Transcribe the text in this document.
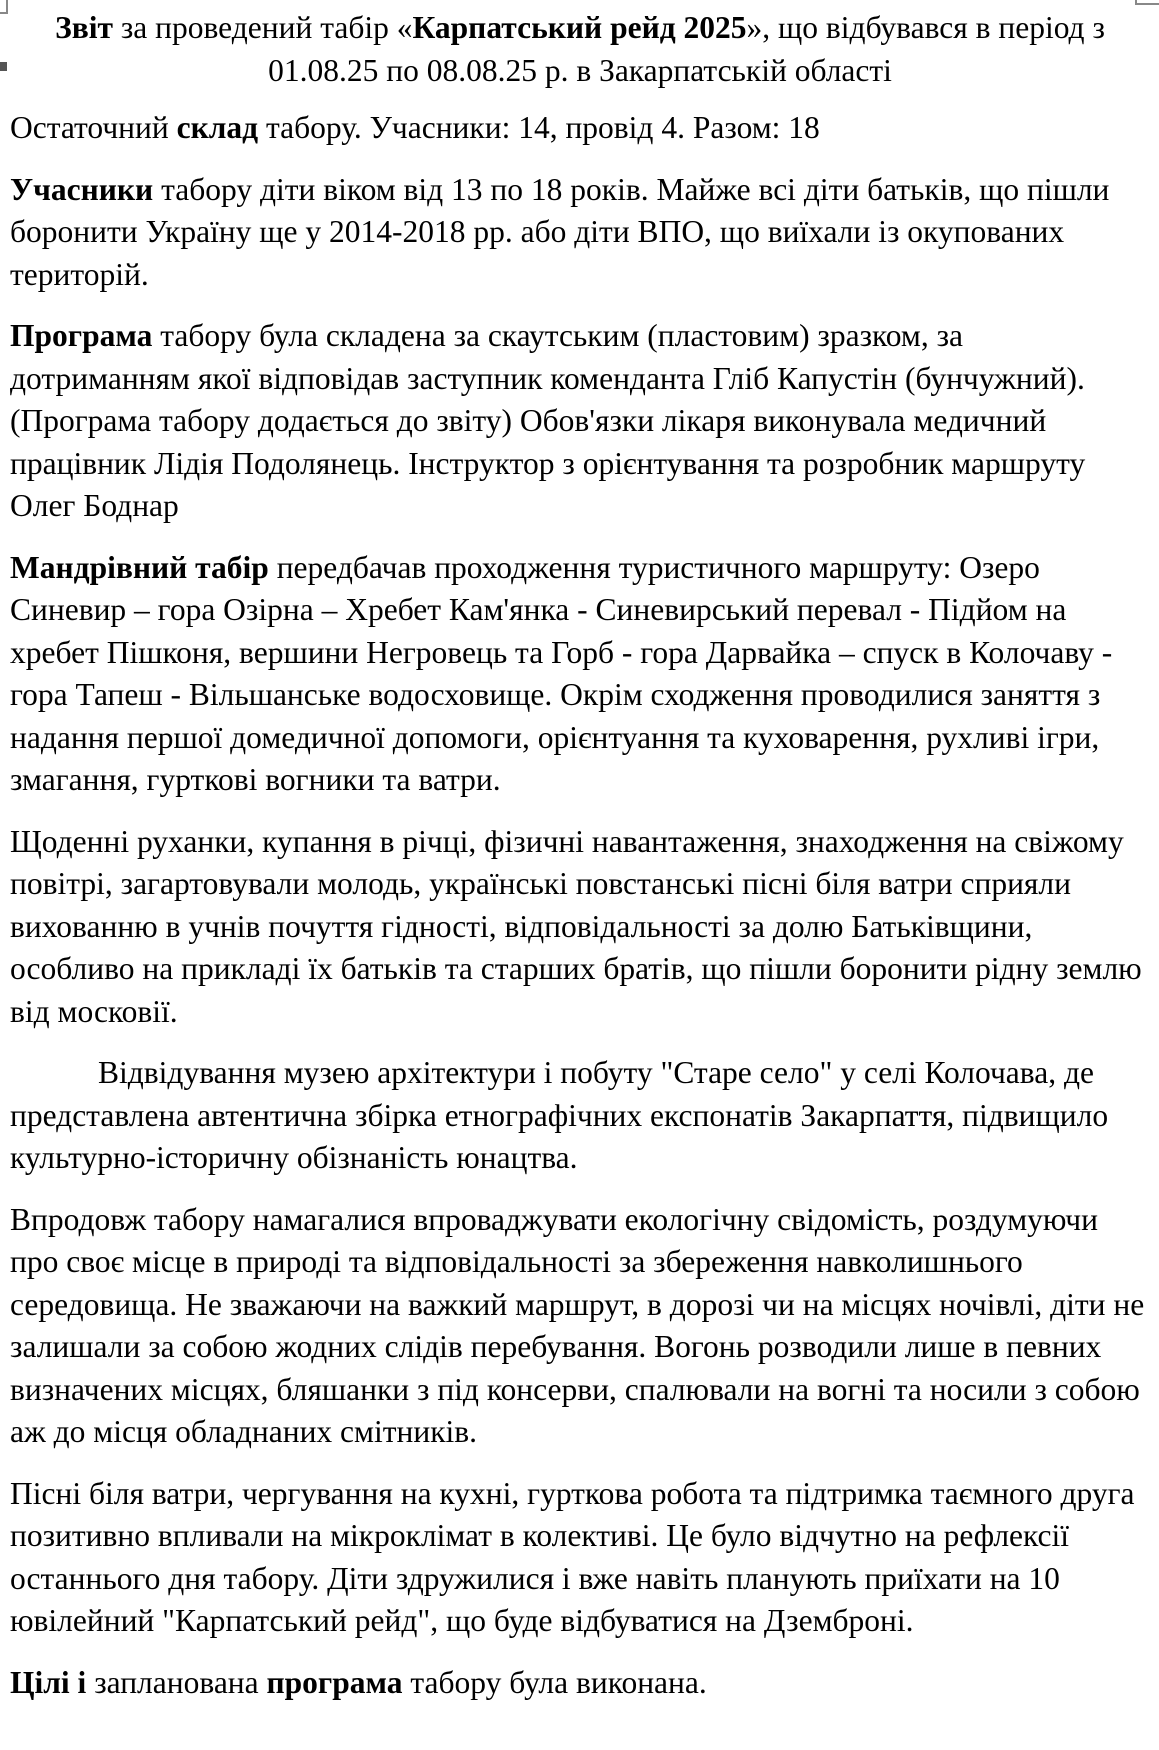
Звіт за проведений табір «Карпатський рейд 2025», що відбувався в період з
01.08.25 по 08.08.25 р. в Закарпатській області

Остаточний склад табору. Учасники: 14, провід 4. Разом: 18

Учасники табору діти віком від 13 по 18 років. Майже всі діти батьків, що пішли боронити Україну ще у 2014-2018 рр. або діти ВПО, що виїхали із окупованих територій.

Програма табору була складена за скаутським (пластовим) зразком, за дотриманням якої відповідав заступник коменданта Гліб Капустін (бунчужний). (Програма табору додається до звіту) Обов'язки лікаря виконувала медичний працівник Лідія Подолянець. Інструктор з орієнтування та розробник маршруту Олег Боднар

Мандрівний табір передбачав проходження туристичного маршруту: Озеро Синевир – гора Озірна – Хребет Кам'янка - Синевирський перевал - Підйом на хребет Пішконя, вершини Негровець та Горб - гора Дарвайка – спуск в Колочаву - гора Тапеш - Вільшанське водосховище. Окрім сходження проводилися заняття з надання першої домедичної допомоги, орієнтуання та куховарення, рухливі ігри, змагання, гурткові вогники та ватри.

Щоденні руханки, купання в річці, фізичні навантаження, знаходження на свіжому повітрі, загартовували молодь, українські повстанські пісні біля ватри сприяли вихованню в учнів почуття гідності, відповідальності за долю Батьківщини, особливо на прикладі їх батьків та старших братів, що пішли боронити рідну землю від московії.

Відвідування музею архітектури і побуту "Старе село" у селі Колочава, де представлена автентична збірка етнографічних експонатів Закарпаття, підвищило культурно-історичну обізнаність юнацтва.

Впродовж табору намагалися впроваджувати екологічну свідомість, роздумуючи про своє місце в природі та відповідальності за збереження навколишнього середовища. Не зважаючи на важкий маршрут, в дорозі чи на місцях ночівлі, діти не залишали за собою жодних слідів перебування. Вогонь розводили лише в певних визначених місцях, бляшанки з під консерви, спалювали на вогні та носили з собою аж до місця обладнаних смітників.

Пісні біля ватри, чергування на кухні, гурткова робота та підтримка таємного друга позитивно впливали на мікроклімат в колективі. Це було відчутно на рефлексії останнього дня табору. Діти здружилися і вже навіть планують приїхати на 10 ювілейний "Карпатський рейд", що буде відбуватися на Дземброні.

Цілі і запланована програма табору була виконана.
